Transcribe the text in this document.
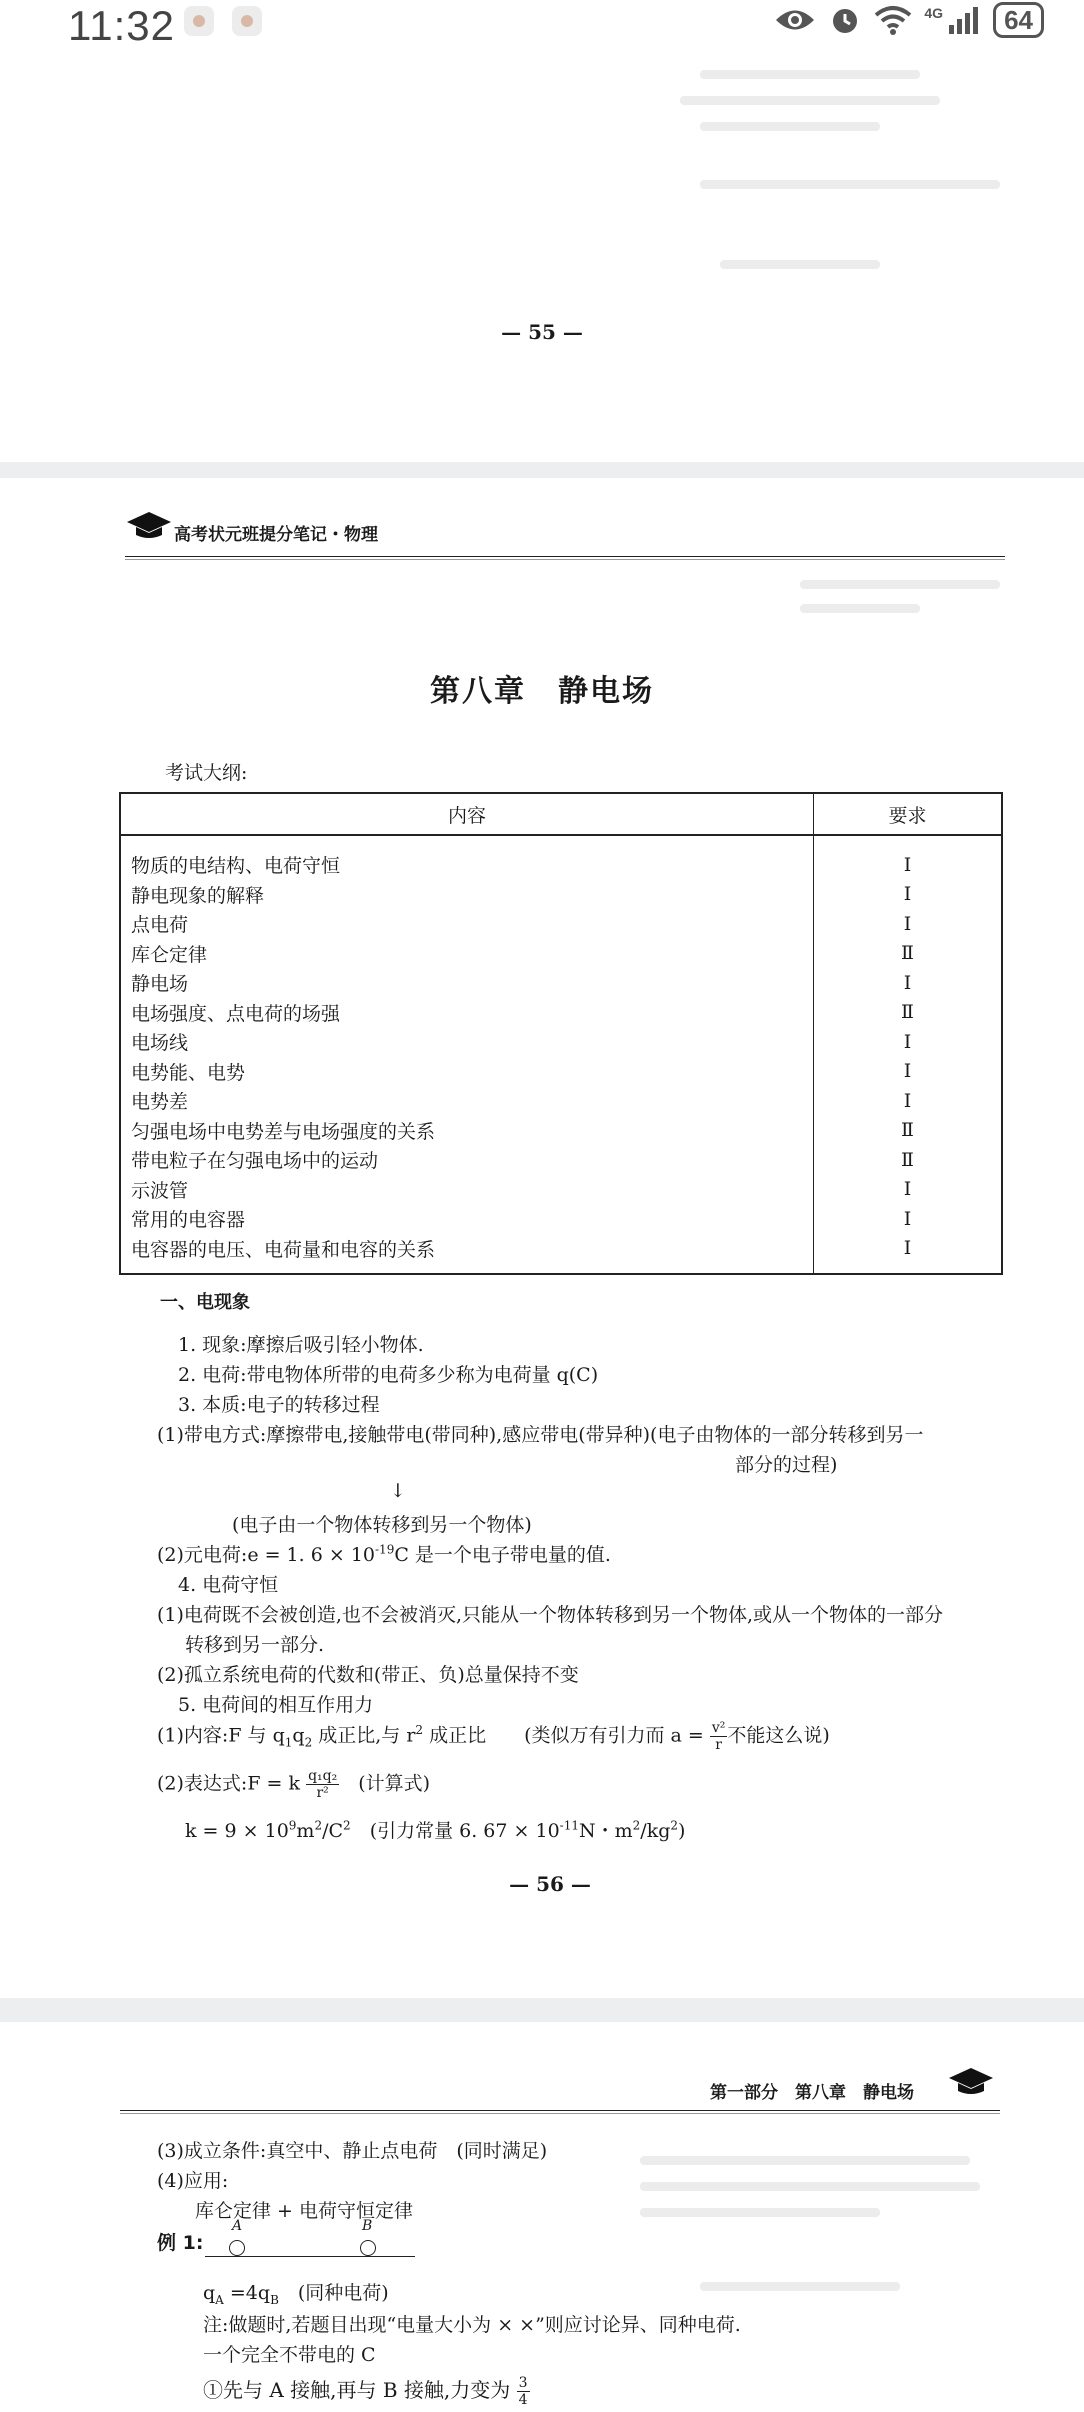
11:32	4G	64
— 55 —
高考状元班提分笔记・物理
第八章　静电场
考试大纲:
内容	要求
物质的电结构、电荷守恒	Ⅰ
静电现象的解释	Ⅰ
点电荷	Ⅰ
库仑定律	Ⅱ
静电场	Ⅰ
电场强度、点电荷的场强	Ⅱ
电场线	Ⅰ
电势能、电势	Ⅰ
电势差	Ⅰ
匀强电场中电势差与电场强度的关系	Ⅱ
带电粒子在匀强电场中的运动	Ⅱ
示波管	Ⅰ
常用的电容器	Ⅰ
电容器的电压、电荷量和电容的关系	Ⅰ
一、电现象
1. 现象:摩擦后吸引轻小物体.
2. 电荷:带电物体所带的电荷多少称为电荷量 q(C)
3. 本质:电子的转移过程
(1)带电方式:摩擦带电,接触带电(带同种),感应带电(带异种)(电子由物体的一部分转移到另一
部分的过程)
↓
(电子由一个物体转移到另一个物体)
(2)元电荷:e = 1. $6 \times 10^{-19}C$ 是一个电子带电量的值.
4. 电荷守恒
(1)电荷既不会被创造,也不会被消灭,只能从一个物体转移到另一个物体,或从一个物体的一部分
转移到另一部分.
(2)孤立系统电荷的代数和(带正、负)总量保持不变
5. 电荷间的相互作用力
(1)内容:F 与 $q_1q_2$ 成正比,与 $r^2$ 成正比　　(类似万有引力而 $a = \frac{\text{v²}}{r}$ 不能这么说)
(2)表达式:F = k $\frac{\text{q₁q₂}}{\text{r²}}$ 　(计算式)
$k = 9 \times 10^9m^2/C^2$　(引力常量 6. $67 \times 10^{-11}N$・$m^2/kg^2$)
— 56 —
第一部分　第八章　静电场
(3)成立条件:真空中、静止点电荷　(同时满足)
(4)应用:
库仑定律 + 电荷守恒定律
例 1:
A	B
$q_A =4q_B$　(同种电荷)
注:做题时,若题目出现“电量大小为 × ×”则应讨论异、同种电荷.
一个完全不带电的 C
①先与 A 接触,再与 B 接触,力变为 $\frac{3}{4}$
